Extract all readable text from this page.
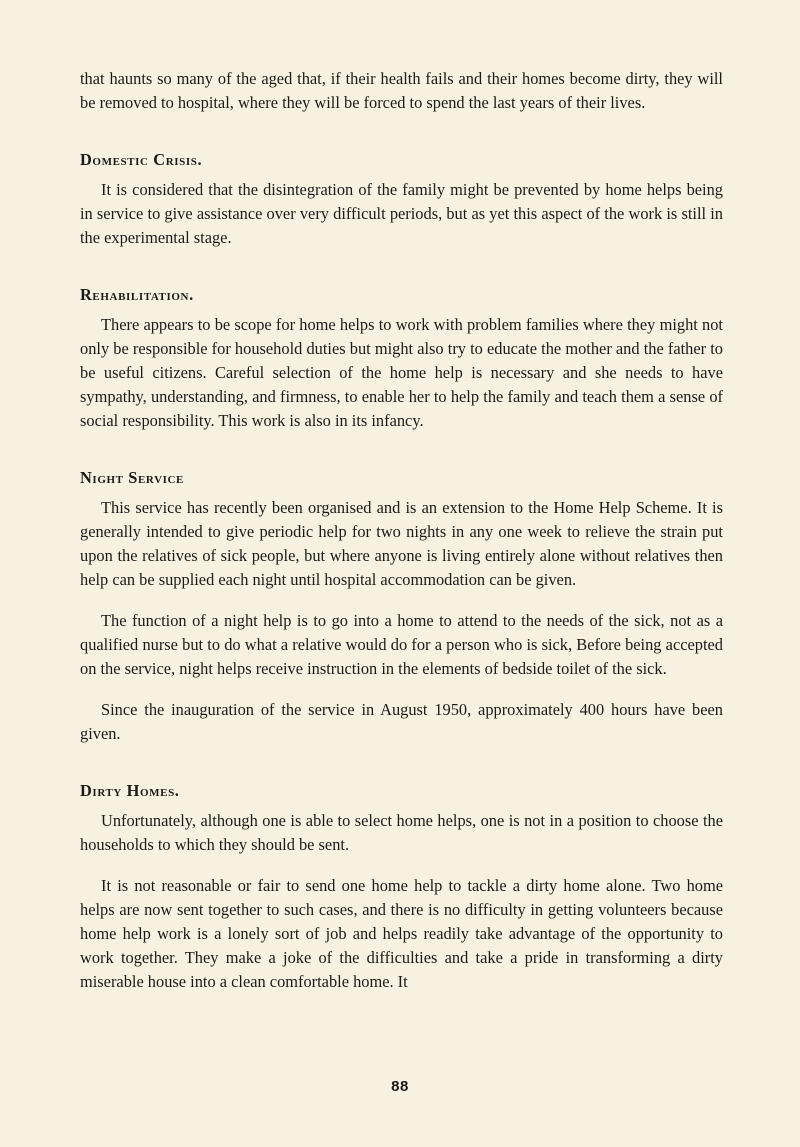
that haunts so many of the aged that, if their health fails and their homes become dirty, they will be removed to hospital, where they will be forced to spend the last years of their lives.

Domestic Crisis.

It is considered that the disintegration of the family might be prevented by home helps being in service to give assistance over very difficult periods, but as yet this aspect of the work is still in the experimental stage.

Rehabilitation.

There appears to be scope for home helps to work with problem families where they might not only be responsible for household duties but might also try to educate the mother and the father to be useful citizens. Careful selection of the home help is necessary and she needs to have sympathy, understanding, and firmness, to enable her to help the family and teach them a sense of social responsibility. This work is also in its infancy.

Night Service

This service has recently been organised and is an extension to the Home Help Scheme. It is generally intended to give periodic help for two nights in any one week to relieve the strain put upon the relatives of sick people, but where anyone is living entirely alone without relatives then help can be supplied each night until hospital accommodation can be given.

The function of a night help is to go into a home to attend to the needs of the sick, not as a qualified nurse but to do what a relative would do for a person who is sick, Before being accepted on the service, night helps receive instruction in the elements of bedside toilet of the sick.

Since the inauguration of the service in August 1950, approximately 400 hours have been given.

Dirty Homes.

Unfortunately, although one is able to select home helps, one is not in a position to choose the households to which they should be sent.

It is not reasonable or fair to send one home help to tackle a dirty home alone. Two home helps are now sent together to such cases, and there is no difficulty in getting volunteers because home help work is a lonely sort of job and helps readily take advantage of the opportunity to work together. They make a joke of the difficulties and take a pride in transforming a dirty miserable house into a clean comfortable home. It

88
